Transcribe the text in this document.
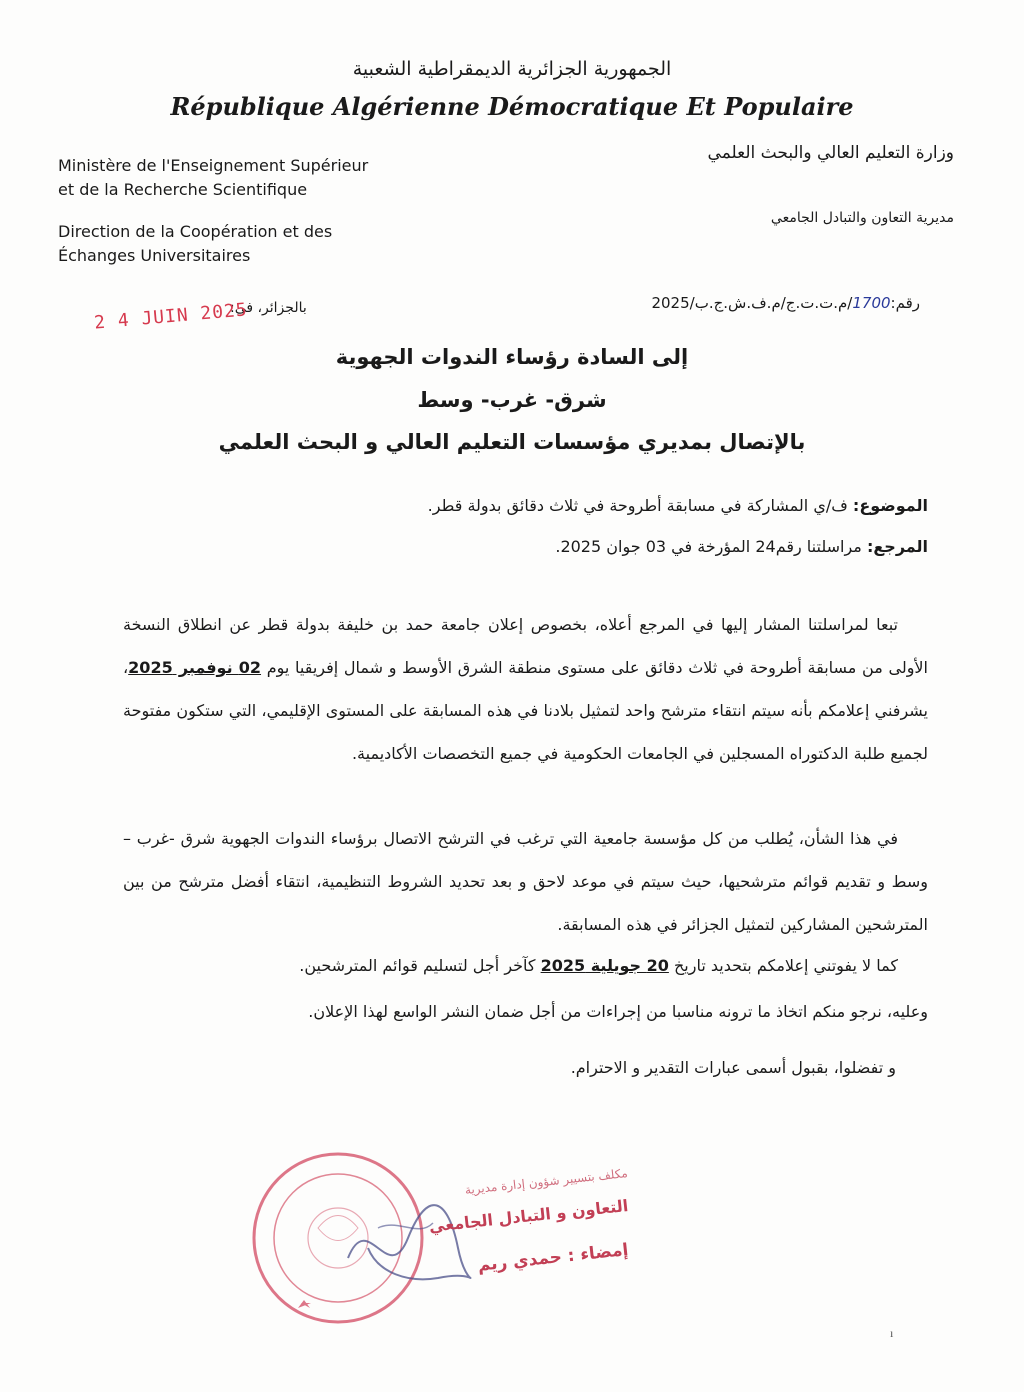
الجمهورية الجزائرية الديمقراطية الشعبية
République Algérienne Démocratique Et Populaire
Ministère de l'Enseignement Supérieur
et de la Recherche Scientifique
Direction de la Coopération et des
Échanges Universitaires
وزارة التعليم العالي والبحث العلمي
مديرية التعاون والتبادل الجامعي
رقم:1700/م.ت.ت.ج/م.ف.ش.ج.ب/2025
بالجزائر، في:
2 4 JUIN 2025
إلى السادة رؤساء الندوات الجهوية
شرق- غرب- وسط
بالإتصال بمديري مؤسسات التعليم العالي و البحث العلمي
الموضوع: ف/ي المشاركة في مسابقة أطروحة في ثلاث دقائق بدولة قطر.
المرجع: مراسلتنا رقم24 المؤرخة في 03 جوان 2025.

تبعا لمراسلتنا المشار إليها في المرجع أعلاه، بخصوص إعلان جامعة حمد بن خليفة بدولة قطر عن انطلاق النسخة الأولى من مسابقة أطروحة في ثلاث دقائق على مستوى منطقة الشرق الأوسط و شمال إفريقيا يوم 02 نوفمبر 2025، يشرفني إعلامكم بأنه سيتم انتقاء مترشح واحد لتمثيل بلادنا في هذه المسابقة على المستوى الإقليمي، التي ستكون مفتوحة لجميع طلبة الدكتوراه المسجلين في الجامعات الحكومية في جميع التخصصات الأكاديمية.

في هذا الشأن، يُطلب من كل مؤسسة جامعية التي ترغب في الترشح الاتصال برؤساء الندوات الجهوية شرق -غرب –وسط و تقديم قوائم مترشحيها، حيث سيتم في موعد لاحق و بعد تحديد الشروط التنظيمية، انتقاء أفضل مترشح من بين المترشحين المشاركين لتمثيل الجزائر في هذه المسابقة.

كما لا يفوتني إعلامكم بتحديد تاريخ 20 جويلية 2025 كآخر أجل لتسليم قوائم المترشحين.

وعليه، نرجو منكم اتخاذ ما ترونه مناسبا من إجراءات من أجل ضمان النشر الواسع لهذا الإعلان.

و تفضلوا، بقبول أسمى عبارات التقدير و الاحترام.

مكلف بتسيير شؤون إدارة مديرية
التعاون و التبادل الجامعي
إمضاء : حمدي ريم
ı
